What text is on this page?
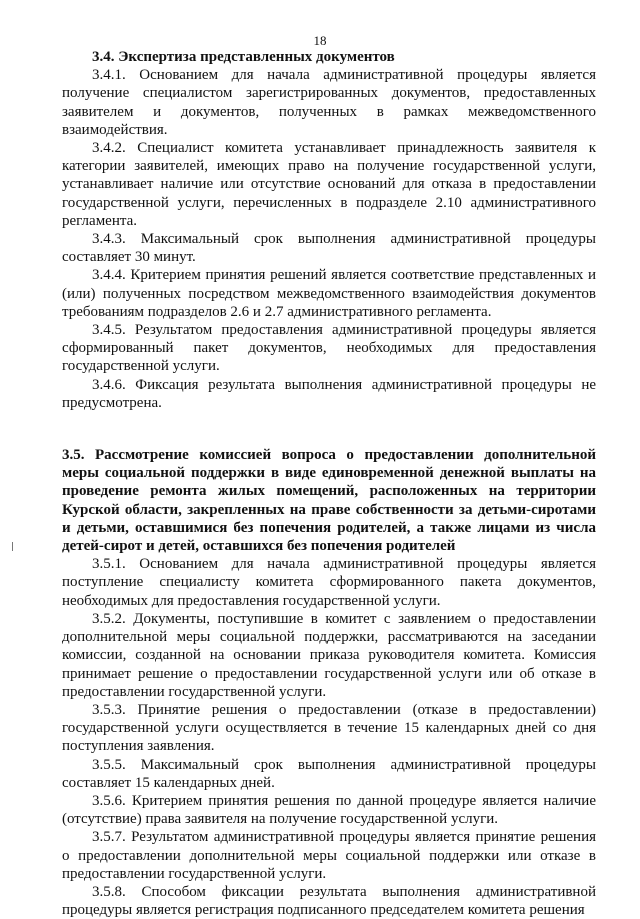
18

3.4. Экспертиза представленных документов

3.4.1. Основанием для начала административной процедуры является получение специалистом зарегистрированных документов, предоставленных заявителем и документов, полученных в рамках межведомственного взаимодействия.

3.4.2. Специалист комитета устанавливает принадлежность заявителя к категории заявителей, имеющих право на получение государственной услуги, устанавливает наличие или отсутствие оснований для отказа в предоставлении государственной услуги, перечисленных в подразделе 2.10 административного регламента.

3.4.3. Максимальный срок выполнения административной процедуры составляет 30 минут.

3.4.4. Критерием принятия решений является соответствие представленных и (или) полученных посредством межведомственного взаимодействия документов требованиям подразделов 2.6 и 2.7 административного регламента.

3.4.5. Результатом предоставления административной процедуры является сформированный пакет документов, необходимых для предоставления государственной услуги.

3.4.6. Фиксация результата выполнения административной процедуры не предусмотрена.

3.5. Рассмотрение комиссией вопроса о предоставлении дополнительной меры социальной поддержки в виде единовременной денежной выплаты на проведение ремонта жилых помещений, расположенных на территории Курской области, закрепленных на праве собственности за детьми-сиротами и детьми, оставшимися без попечения родителей, а также лицами из числа детей-сирот и детей, оставшихся без попечения родителей

3.5.1. Основанием для начала административной процедуры является поступление специалисту комитета сформированного пакета документов, необходимых для предоставления государственной услуги.

3.5.2. Документы, поступившие в комитет с заявлением о предоставлении дополнительной меры социальной поддержки, рассматриваются на заседании комиссии, созданной на основании приказа руководителя комитета. Комиссия принимает решение о предоставлении государственной услуги или об отказе в предоставлении государственной услуги.

3.5.3. Принятие решения о предоставлении (отказе в предоставлении) государственной услуги осуществляется в течение 15 календарных дней со дня поступления заявления.

3.5.5. Максимальный срок выполнения административной процедуры составляет 15 календарных дней.

3.5.6. Критерием принятия решения по данной процедуре является наличие (отсутствие) права заявителя на получение государственной услуги.

3.5.7. Результатом административной процедуры является принятие решения о предоставлении дополнительной меры социальной поддержки или отказе в предоставлении государственной услуги.

3.5.8. Способом фиксации результата выполнения административной процедуры является регистрация подписанного председателем комитета решения
